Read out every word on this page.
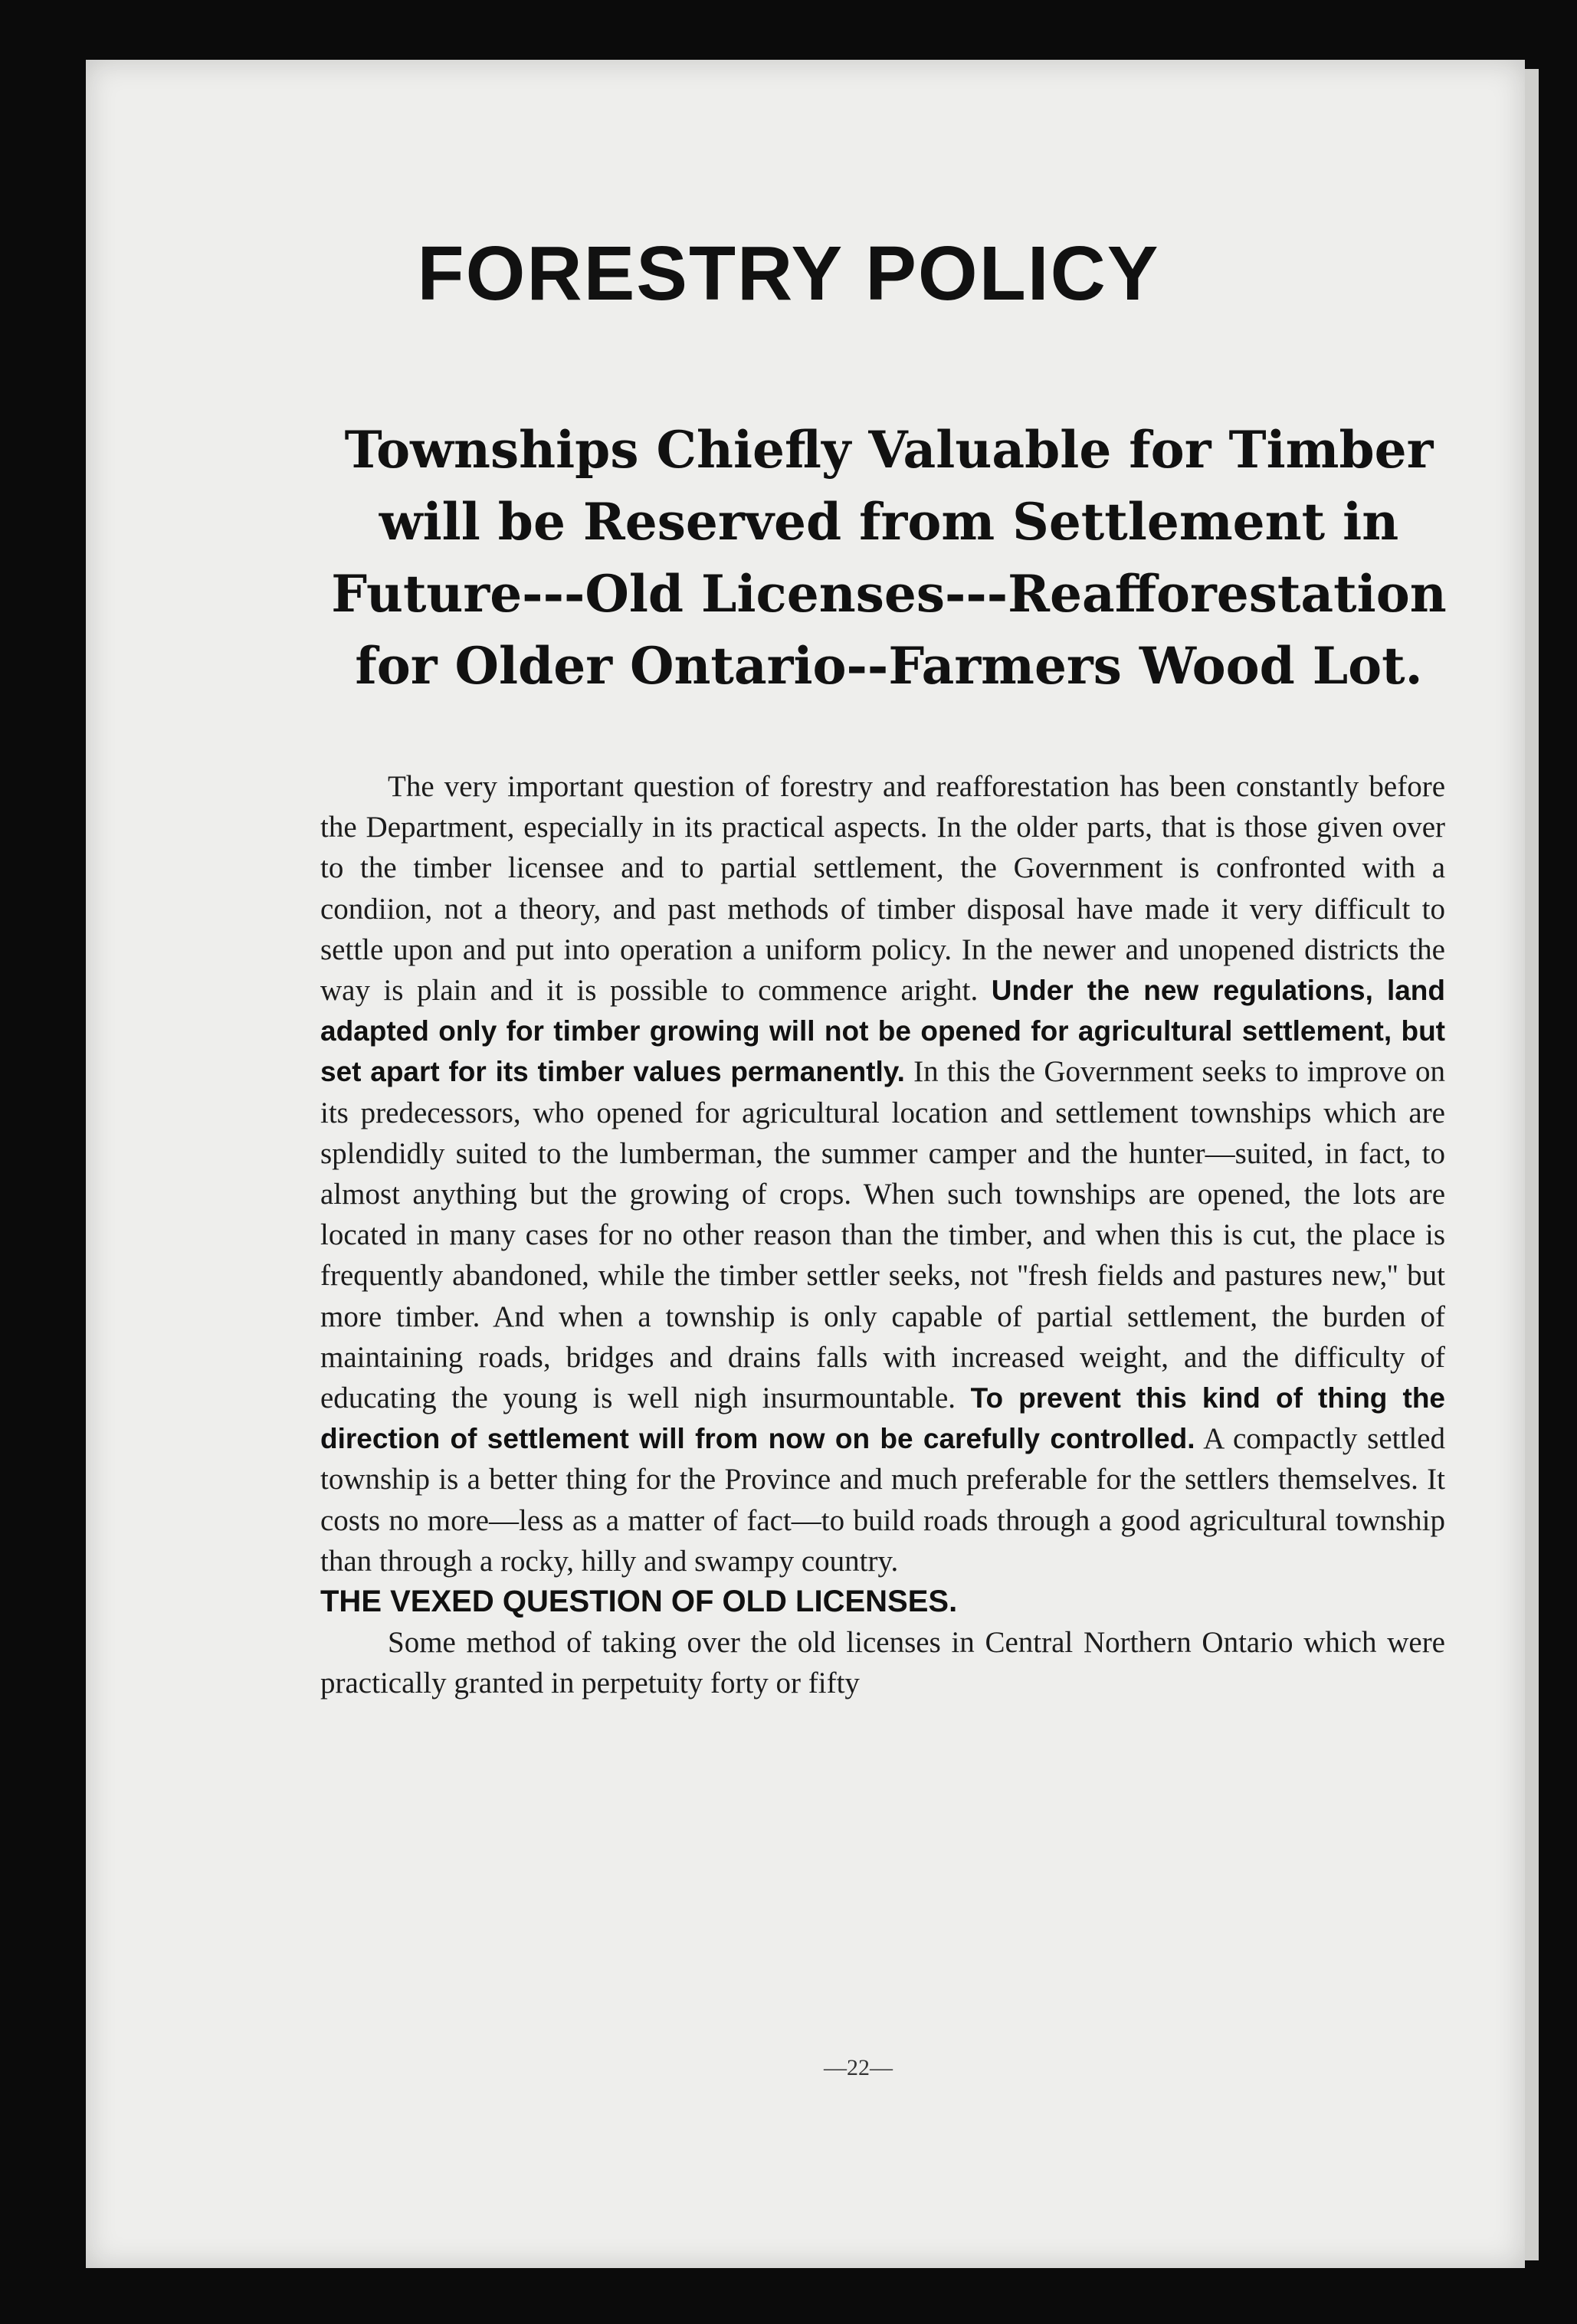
FORESTRY POLICY
Townships Chiefly Valuable for Timber will be Reserved from Settlement in Future---Old Licenses---Reafforestation for Older Ontario--Farmers Wood Lot.

The very important question of forestry and reafforestation has been constantly before the Department, especially in its practical aspects. In the older parts, that is those given over to the timber licensee and to partial settlement, the Government is confronted with a condiion, not a theory, and past methods of timber disposal have made it very difficult to settle upon and put into operation a uniform policy. In the newer and unopened districts the way is plain and it is possible to commence aright. Under the new regulations, land adapted only for timber growing will not be opened for agricultural settlement, but set apart for its timber values permanently. In this the Government seeks to improve on its predecessors, who opened for agricultural location and settlement townships which are splendidly suited to the lumberman, the summer camper and the hunter—suited, in fact, to almost anything but the growing of crops. When such townships are opened, the lots are located in many cases for no other reason than the timber, and when this is cut, the place is frequently abandoned, while the timber settler seeks, not ''fresh fields and pastures new,'' but more timber. And when a township is only capable of partial settlement, the burden of maintaining roads, bridges and drains falls with increased weight, and the difficulty of educating the young is well nigh insurmountable. To prevent this kind of thing the direction of settlement will from now on be carefully controlled. A compactly settled township is a better thing for the Province and much preferable for the settlers themselves. It costs no more—less as a matter of fact—to build roads through a good agricultural township than through a rocky, hilly and swampy country.

THE VEXED QUESTION OF OLD LICENSES.

Some method of taking over the old licenses in Central Northern Ontario which were practically granted in perpetuity forty or fifty

—22—
